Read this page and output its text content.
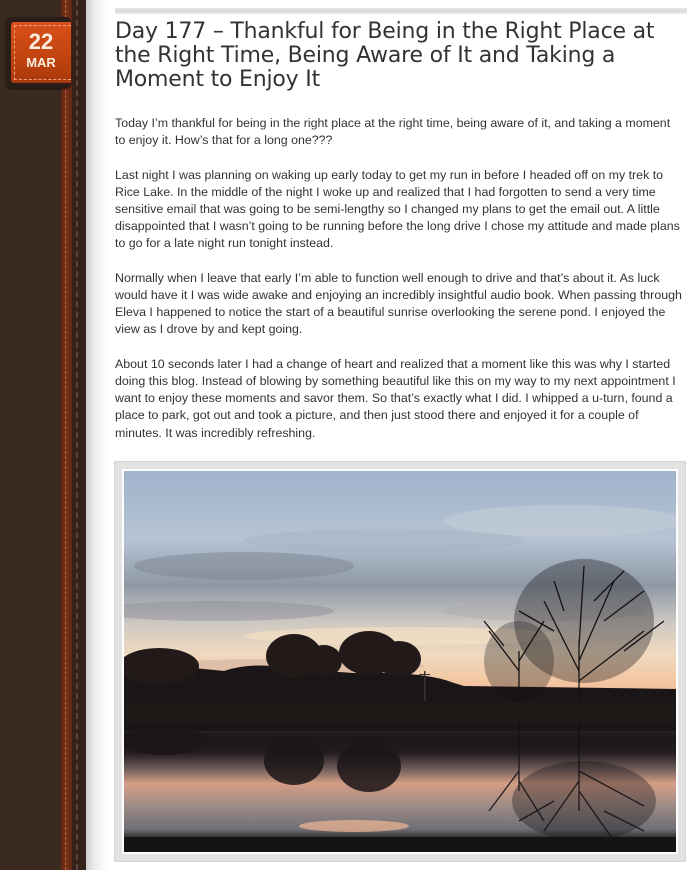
22
MAR
Day 177 – Thankful for Being in the Right Place at the Right Time, Being Aware of It and Taking a Moment to Enjoy It

Today I’m thankful for being in the right place at the right time, being aware of it, and taking a moment to enjoy it. How’s that for a long one???

Last night I was planning on waking up early today to get my run in before I headed off on my trek to Rice Lake. In the middle of the night I woke up and realized that I had forgotten to send a very time sensitive email that was going to be semi-lengthy so I changed my plans to get the email out. A little disappointed that I wasn’t going to be running before the long drive I chose my attitude and made plans to go for a late night run tonight instead.

Normally when I leave that early I’m able to function well enough to drive and that’s about it. As luck would have it I was wide awake and enjoying an incredibly insightful audio book. When passing through Eleva I happened to notice the start of a beautiful sunrise overlooking the serene pond. I enjoyed the view as I drove by and kept going.

About 10 seconds later I had a change of heart and realized that a moment like this was why I started doing this blog. Instead of blowing by something beautiful like this on my way to my next appointment I want to enjoy these moments and savor them. So that’s exactly what I did. I whipped a u-turn, found a place to park, got out and took a picture, and then just stood there and enjoyed it for a couple of minutes. It was incredibly refreshing.
